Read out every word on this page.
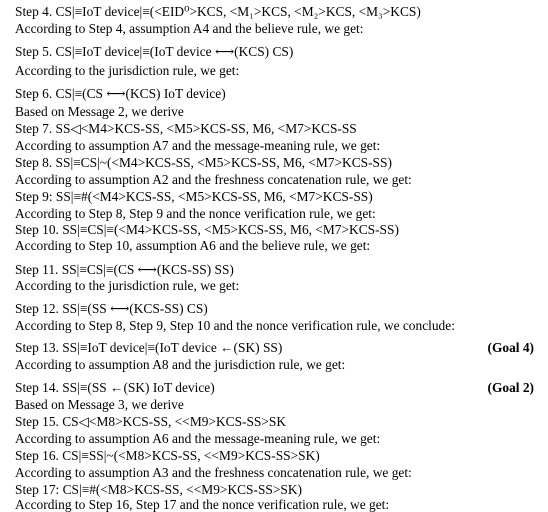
Step 4. CS|≡IoT device|≡(<EID⁰>KCS, <M₁>KCS, <M₂>KCS, <M₃>KCS)
According to Step 4, assumption A4 and the believe rule, we get:
Step 5. CS|≡IoT device|≡(IoT device ⟷(KCS) CS)
According to the jurisdiction rule, we get:
Step 6. CS|≡(CS ⟷(KCS) IoT device)
Based on Message 2, we derive
Step 7. SS◁<M4>KCS-SS, <M5>KCS-SS, M6, <M7>KCS-SS
According to assumption A7 and the message-meaning rule, we get:
Step 8. SS|≡CS|~(<M4>KCS-SS, <M5>KCS-SS, M6, <M7>KCS-SS)
According to assumption A2 and the freshness concatenation rule, we get:
Step 9: SS|≡#(<M4>KCS-SS, <M5>KCS-SS, M6, <M7>KCS-SS)
According to Step 8, Step 9 and the nonce verification rule, we get:
Step 10. SS|≡CS|≡(<M4>KCS-SS, <M5>KCS-SS, M6, <M7>KCS-SS)
According to Step 10, assumption A6 and the believe rule, we get:
Step 11. SS|≡CS|≡(CS ⟷(KCS-SS) SS)
According to the jurisdiction rule, we get:
Step 12. SS|≡(SS ⟷(KCS-SS) CS)
According to Step 8, Step 9, Step 10 and the nonce verification rule, we conclude:
Step 13. SS|≡IoT device|≡(IoT device ←(SK) SS)	(Goal 4)
According to assumption A8 and the jurisdiction rule, we get:
Step 14. SS|≡(SS ←(SK) IoT device)	(Goal 2)
Based on Message 3, we derive
Step 15. CS◁<M8>KCS-SS, <<M9>KCS-SS>SK
According to assumption A6 and the message-meaning rule, we get:
Step 16. CS|≡SS|~(<M8>KCS-SS, <<M9>KCS-SS>SK)
According to assumption A3 and the freshness concatenation rule, we get:
Step 17: CS|≡#(<M8>KCS-SS, <<M9>KCS-SS>SK)
According to Step 16, Step 17 and the nonce verification rule, we get:
